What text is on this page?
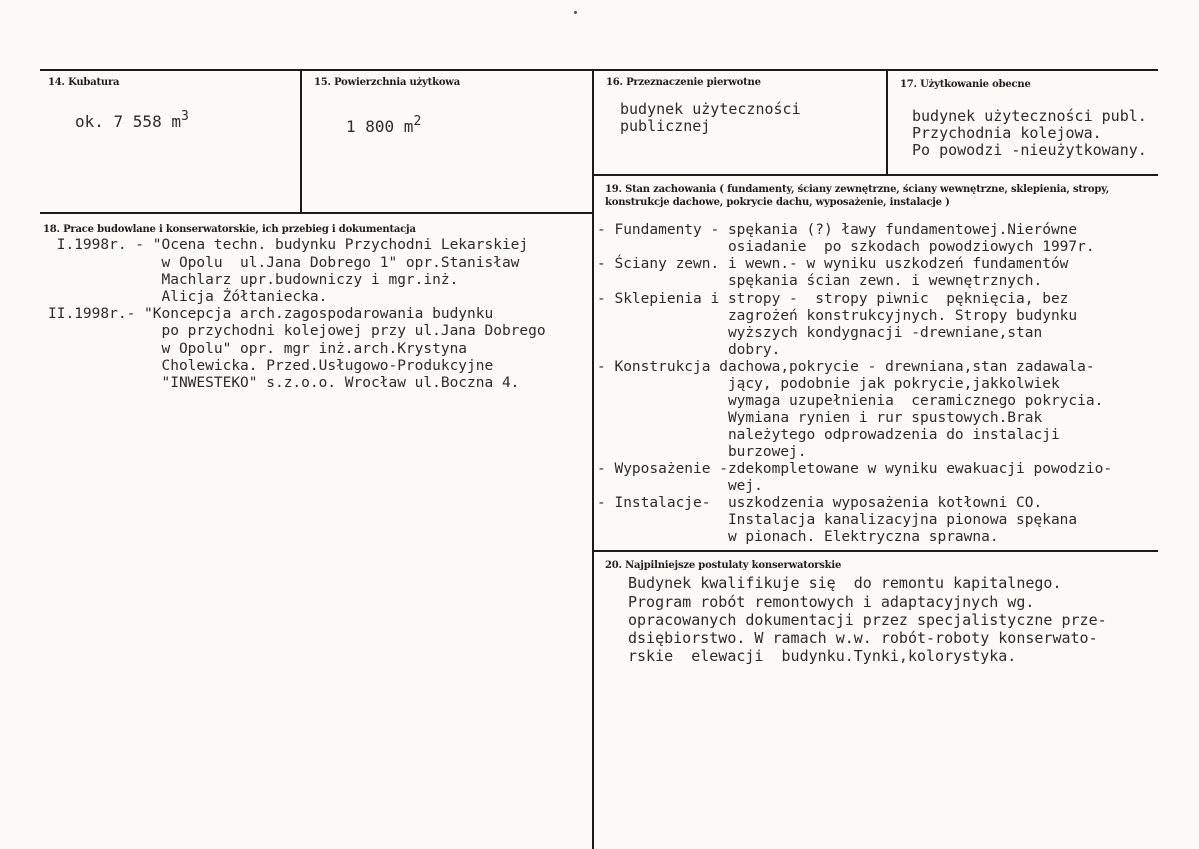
14. Kubatura
ok. 7 558 $m^3$
15. Powierzchnia użytkowa
1 800 $m^2$
16. Przeznaczenie pierwotne
budynek użyteczności
publicznej
17. Użytkowanie obecne
budynek użyteczności publ.
Przychodnia kolejowa.
Po powodzi -nieużytkowany.
18. Prace budowlane i konserwatorskie, ich przebieg i dokumentacja
I.1998r. - "Ocena techn. budynku Przychodni Lekarskiej
w Opolu  ul.Jana Dobrego 1" opr.Stanisław
Machlarz upr.budowniczy i mgr.inż.
Alicja Żółtaniecka.
II.1998r.- "Koncepcja arch.zagospodarowania budynku
po przychodni kolejowej przy ul.Jana Dobrego
w Opolu" opr. mgr inż.arch.Krystyna
Cholewicka. Przed.Usługowo-Produkcyjne
"INWESTEKO" s.z.o.o. Wrocław ul.Boczna 4.
19. Stan zachowania ( fundamenty, ściany zewnętrzne, ściany wewnętrzne, sklepienia, stropy,
konstrukcje dachowe, pokrycie dachu, wyposażenie, instalacje )
- Fundamenty - spękania (?) ławy fundamentowej.Nierówne
osiadanie  po szkodach powodziowych 1997r.
- Ściany zewn. i wewn.- w wyniku uszkodzeń fundamentów
spękania ścian zewn. i wewnętrznych.
- Sklepienia i stropy -  stropy piwnic  pęknięcia, bez
zagrożeń konstrukcyjnych. Stropy budynku
wyższych kondygnacji -drewniane,stan
dobry.
- Konstrukcja dachowa,pokrycie - drewniana,stan zadawala-
jący, podobnie jak pokrycie,jakkolwiek
wymaga uzupełnienia  ceramicznego pokrycia.
Wymiana rynien i rur spustowych.Brak
należytego odprowadzenia do instalacji
burzowej.
- Wyposażenie -zdekompletowane w wyniku ewakuacji powodzio-
wej.
- Instalacje-  uszkodzenia wyposażenia kotłowni CO.
Instalacja kanalizacyjna pionowa spękana
w pionach. Elektryczna sprawna.
20. Najpilniejsze postulaty konserwatorskie
Budynek kwalifikuje się  do remontu kapitalnego.
Program robót remontowych i adaptacyjnych wg.
opracowanych dokumentacji przez specjalistyczne prze-
dsiębiorstwo. W ramach w.w. robót-roboty konserwato-
rskie  elewacji  budynku.Tynki,kolorystyka.
